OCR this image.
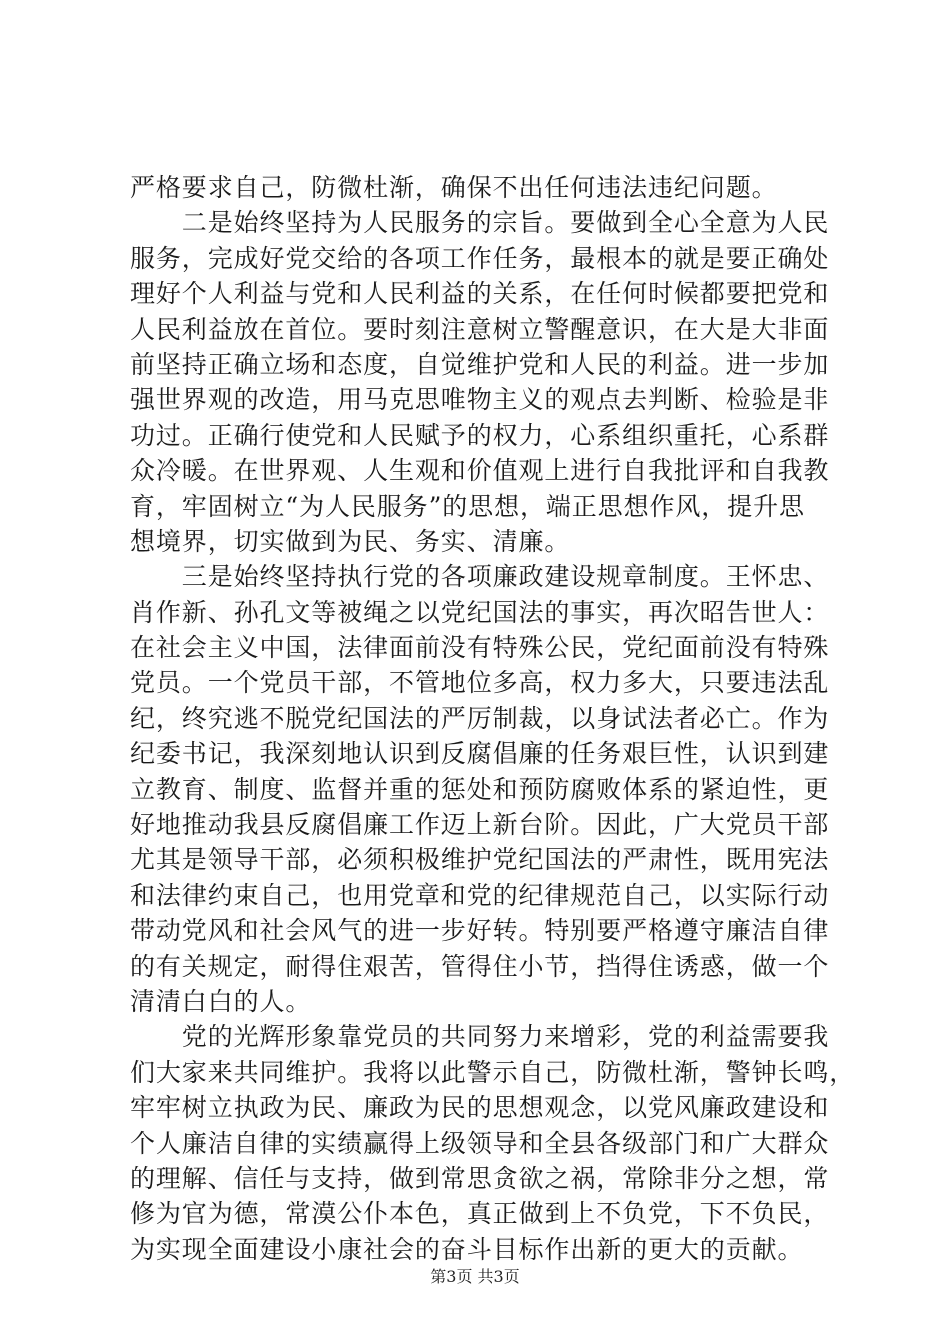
严格要求自己，防微杜渐，确保不出任何违法违纪问题。
　　二是始终坚持为人民服务的宗旨。要做到全心全意为人民
服务，完成好党交给的各项工作任务，最根本的就是要正确处
理好个人利益与党和人民利益的关系，在任何时候都要把党和
人民利益放在首位。要时刻注意树立警醒意识，在大是大非面
前坚持正确立场和态度，自觉维护党和人民的利益。进一步加
强世界观的改造，用马克思唯物主义的观点去判断、检验是非
功过。正确行使党和人民赋予的权力，心系组织重托，心系群
众冷暖。在世界观、人生观和价值观上进行自我批评和自我教
育，牢固树立“为人民服务”的思想，端正思想作风，提升思
想境界，切实做到为民、务实、清廉。
　　三是始终坚持执行党的各项廉政建设规章制度。王怀忠、
肖作新、孙孔文等被绳之以党纪国法的事实，再次昭告世人：
在社会主义中国，法律面前没有特殊公民，党纪面前没有特殊
党员。一个党员干部，不管地位多高，权力多大，只要违法乱
纪，终究逃不脱党纪国法的严厉制裁，以身试法者必亡。作为
纪委书记，我深刻地认识到反腐倡廉的任务艰巨性，认识到建
立教育、制度、监督并重的惩处和预防腐败体系的紧迫性，更
好地推动我县反腐倡廉工作迈上新台阶。因此，广大党员干部
尤其是领导干部，必须积极维护党纪国法的严肃性，既用宪法
和法律约束自己，也用党章和党的纪律规范自己，以实际行动
带动党风和社会风气的进一步好转。特别要严格遵守廉洁自律
的有关规定，耐得住艰苦，管得住小节，挡得住诱惑，做一个
清清白白的人。
　　党的光辉形象靠党员的共同努力来增彩，党的利益需要我
们大家来共同维护。我将以此警示自己，防微杜渐，警钟长鸣，
牢牢树立执政为民、廉政为民的思想观念，以党风廉政建设和
个人廉洁自律的实绩赢得上级领导和全县各级部门和广大群众
的理解、信任与支持，做到常思贪欲之祸，常除非分之想，常
修为官为德，常漠公仆本色，真正做到上不负党，下不负民，
为实现全面建设小康社会的奋斗目标作出新的更大的贡献。
第3页 共3页
